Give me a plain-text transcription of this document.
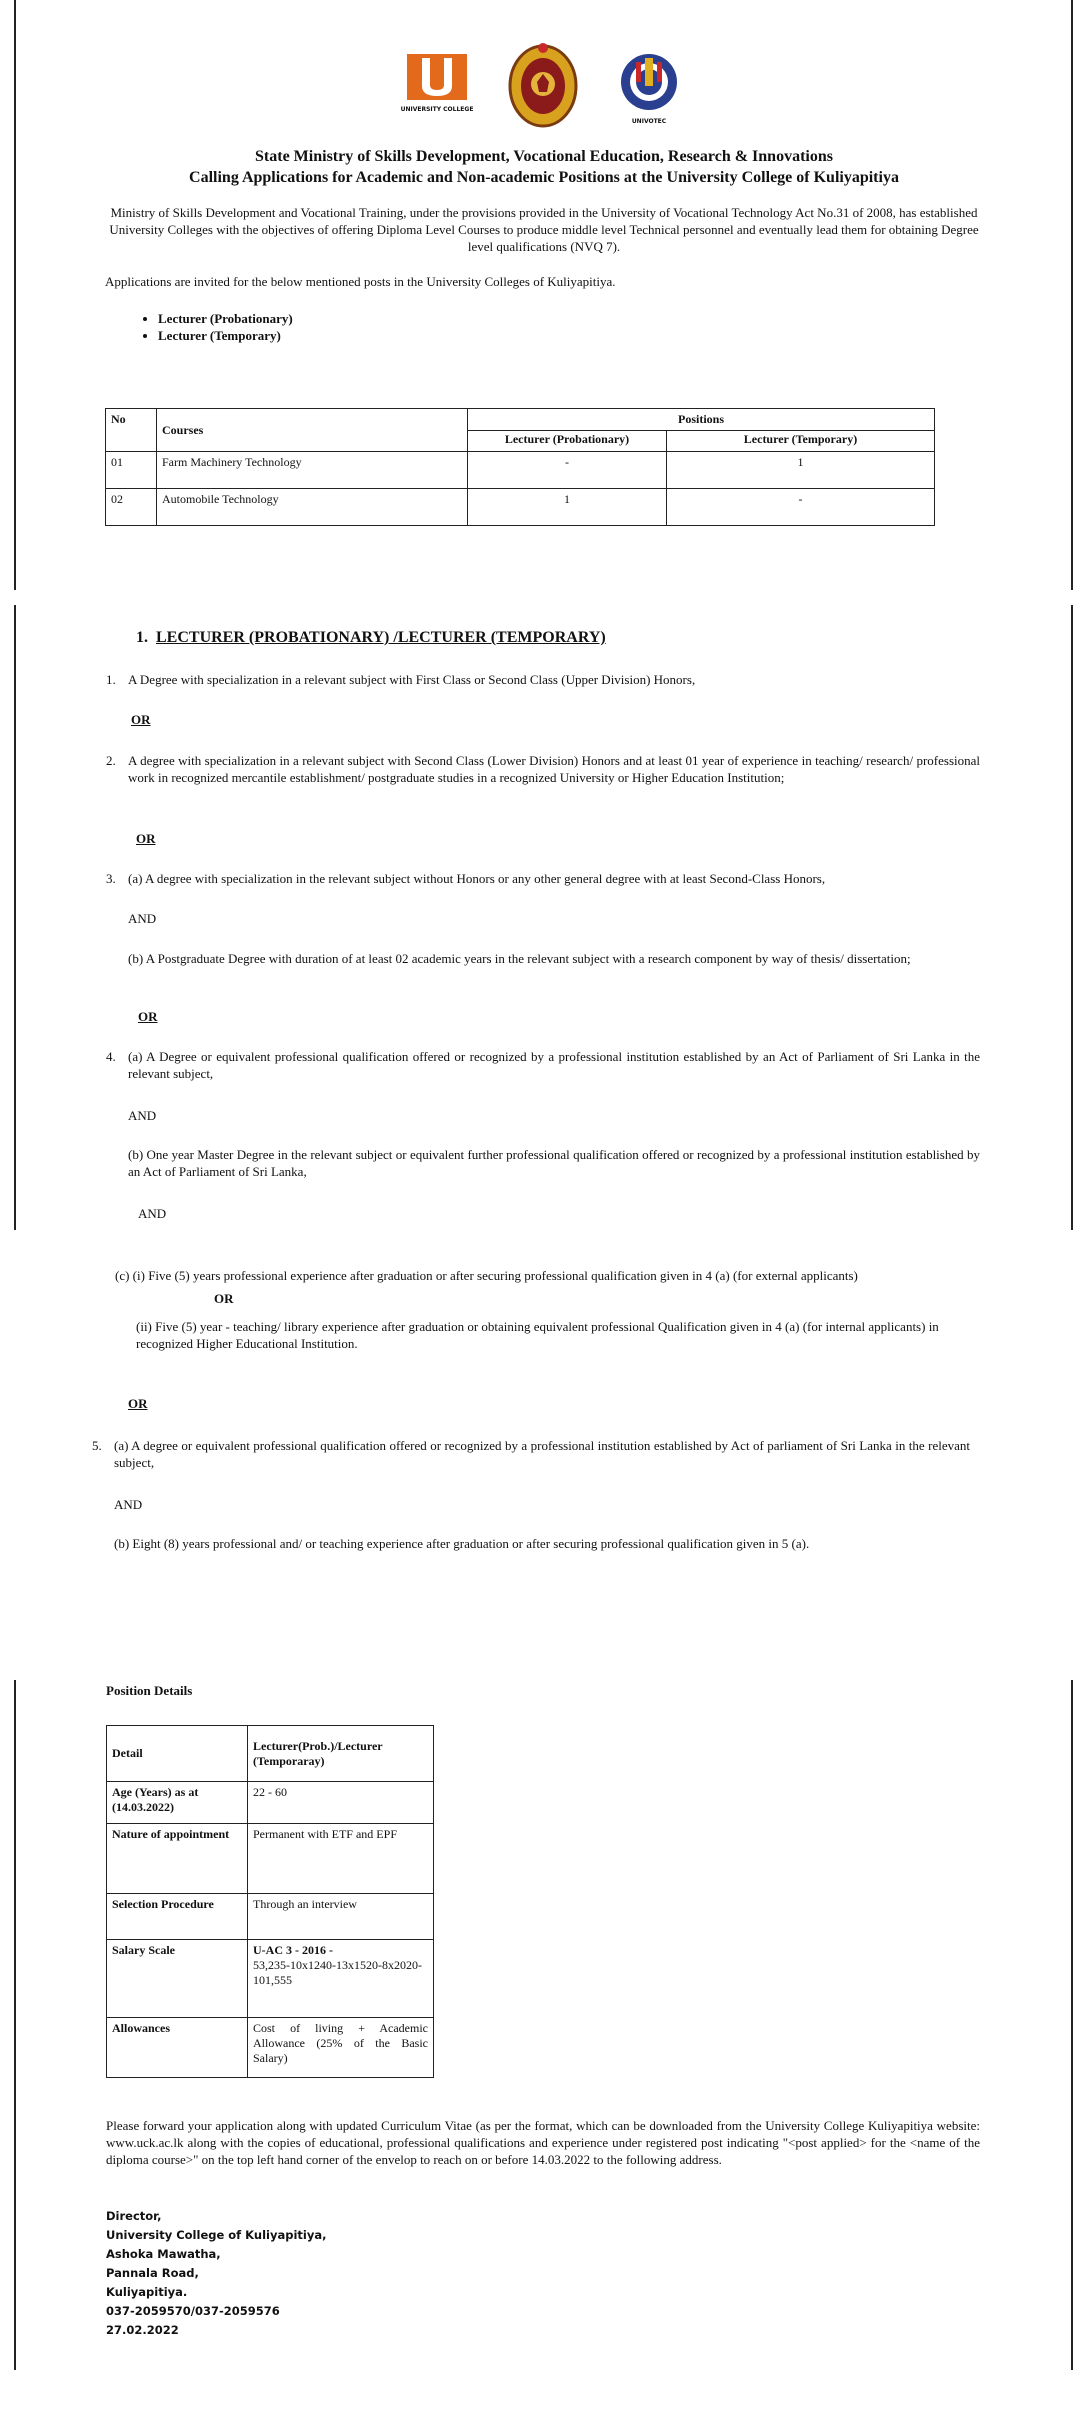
UNIVERSITY COLLEGE
UNIVOTEC
State Ministry of Skills Development, Vocational Education, Research & Innovations
Calling Applications for Academic and Non-academic Positions at the University College of Kuliyapitiya
Ministry of Skills Development and Vocational Training, under the provisions provided in the University of Vocational Technology Act No.31 of 2008, has established University Colleges with the objectives of offering Diploma Level Courses to produce middle level Technical personnel and eventually lead them for obtaining Degree level qualifications (NVQ 7).
Applications are invited for the below mentioned posts in the University Colleges of Kuliyapitiya.
• Lecturer (Probationary)
• Lecturer (Temporary)
No	Courses	Positions	
		Lecturer (Probationary)	Lecturer (Temporary)
01	Farm Machinery Technology	-	1
02	Automobile Technology	1	-
1. LECTURER (PROBATIONARY) /LECTURER (TEMPORARY)
1. A Degree with specialization in a relevant subject with First Class or Second Class (Upper Division) Honors,
OR
2. A degree with specialization in a relevant subject with Second Class (Lower Division) Honors and at least 01 year of experience in teaching/ research/ professional work in recognized mercantile establishment/ postgraduate studies in a recognized University or Higher Education Institution;
OR
3. (a) A degree with specialization in the relevant subject without Honors or any other general degree with at least Second-Class Honors,
AND
(b) A Postgraduate Degree with duration of at least 02 academic years in the relevant subject with a research component by way of thesis/ dissertation;
OR
4. (a) A Degree or equivalent professional qualification offered or recognized by a professional institution established by an Act of Parliament of Sri Lanka in the relevant subject,
AND
(b) One year Master Degree in the relevant subject or equivalent further professional qualification offered or recognized by a professional institution established by an Act of Parliament of Sri Lanka,
AND
(c) (i) Five (5) years professional experience after graduation or after securing professional qualification given in 4 (a) (for external applicants)
OR
(ii) Five (5) year - teaching/ library experience after graduation or obtaining equivalent professional Qualification given in 4 (a) (for internal applicants) in recognized Higher Educational Institution.
OR
5. (a) A degree or equivalent professional qualification offered or recognized by a professional institution established by Act of parliament of Sri Lanka in the relevant subject,
AND
(b) Eight (8) years professional and/ or teaching experience after graduation or after securing professional qualification given in 5 (a).
Position Details
Detail	Lecturer(Prob.)/Lecturer (Temporaray)
Age (Years) as at (14.03.2022)	22 - 60
Nature of appointment	Permanent with ETF and EPF
Selection Procedure	Through an interview
Salary Scale	U-AC 3 - 2016 -
53,235-10x1240-13x1520-8x2020- 101,555

Allowances	Cost of living + Academic Allowance (25% of the Basic Salary)
Please forward your application along with updated Curriculum Vitae (as per the format, which can be downloaded from the University College Kuliyapitiya website: www.uck.ac.lk along with the copies of educational, professional qualifications and experience under registered post indicating "<post applied> for the <name of the diploma course>" on the top left hand corner of the envelop to reach on or before 14.03.2022 to the following address.
Director,
University College of Kuliyapitiya,
Ashoka Mawatha,
Pannala Road,
Kuliyapitiya.
037-2059570/037-2059576
27.02.2022
